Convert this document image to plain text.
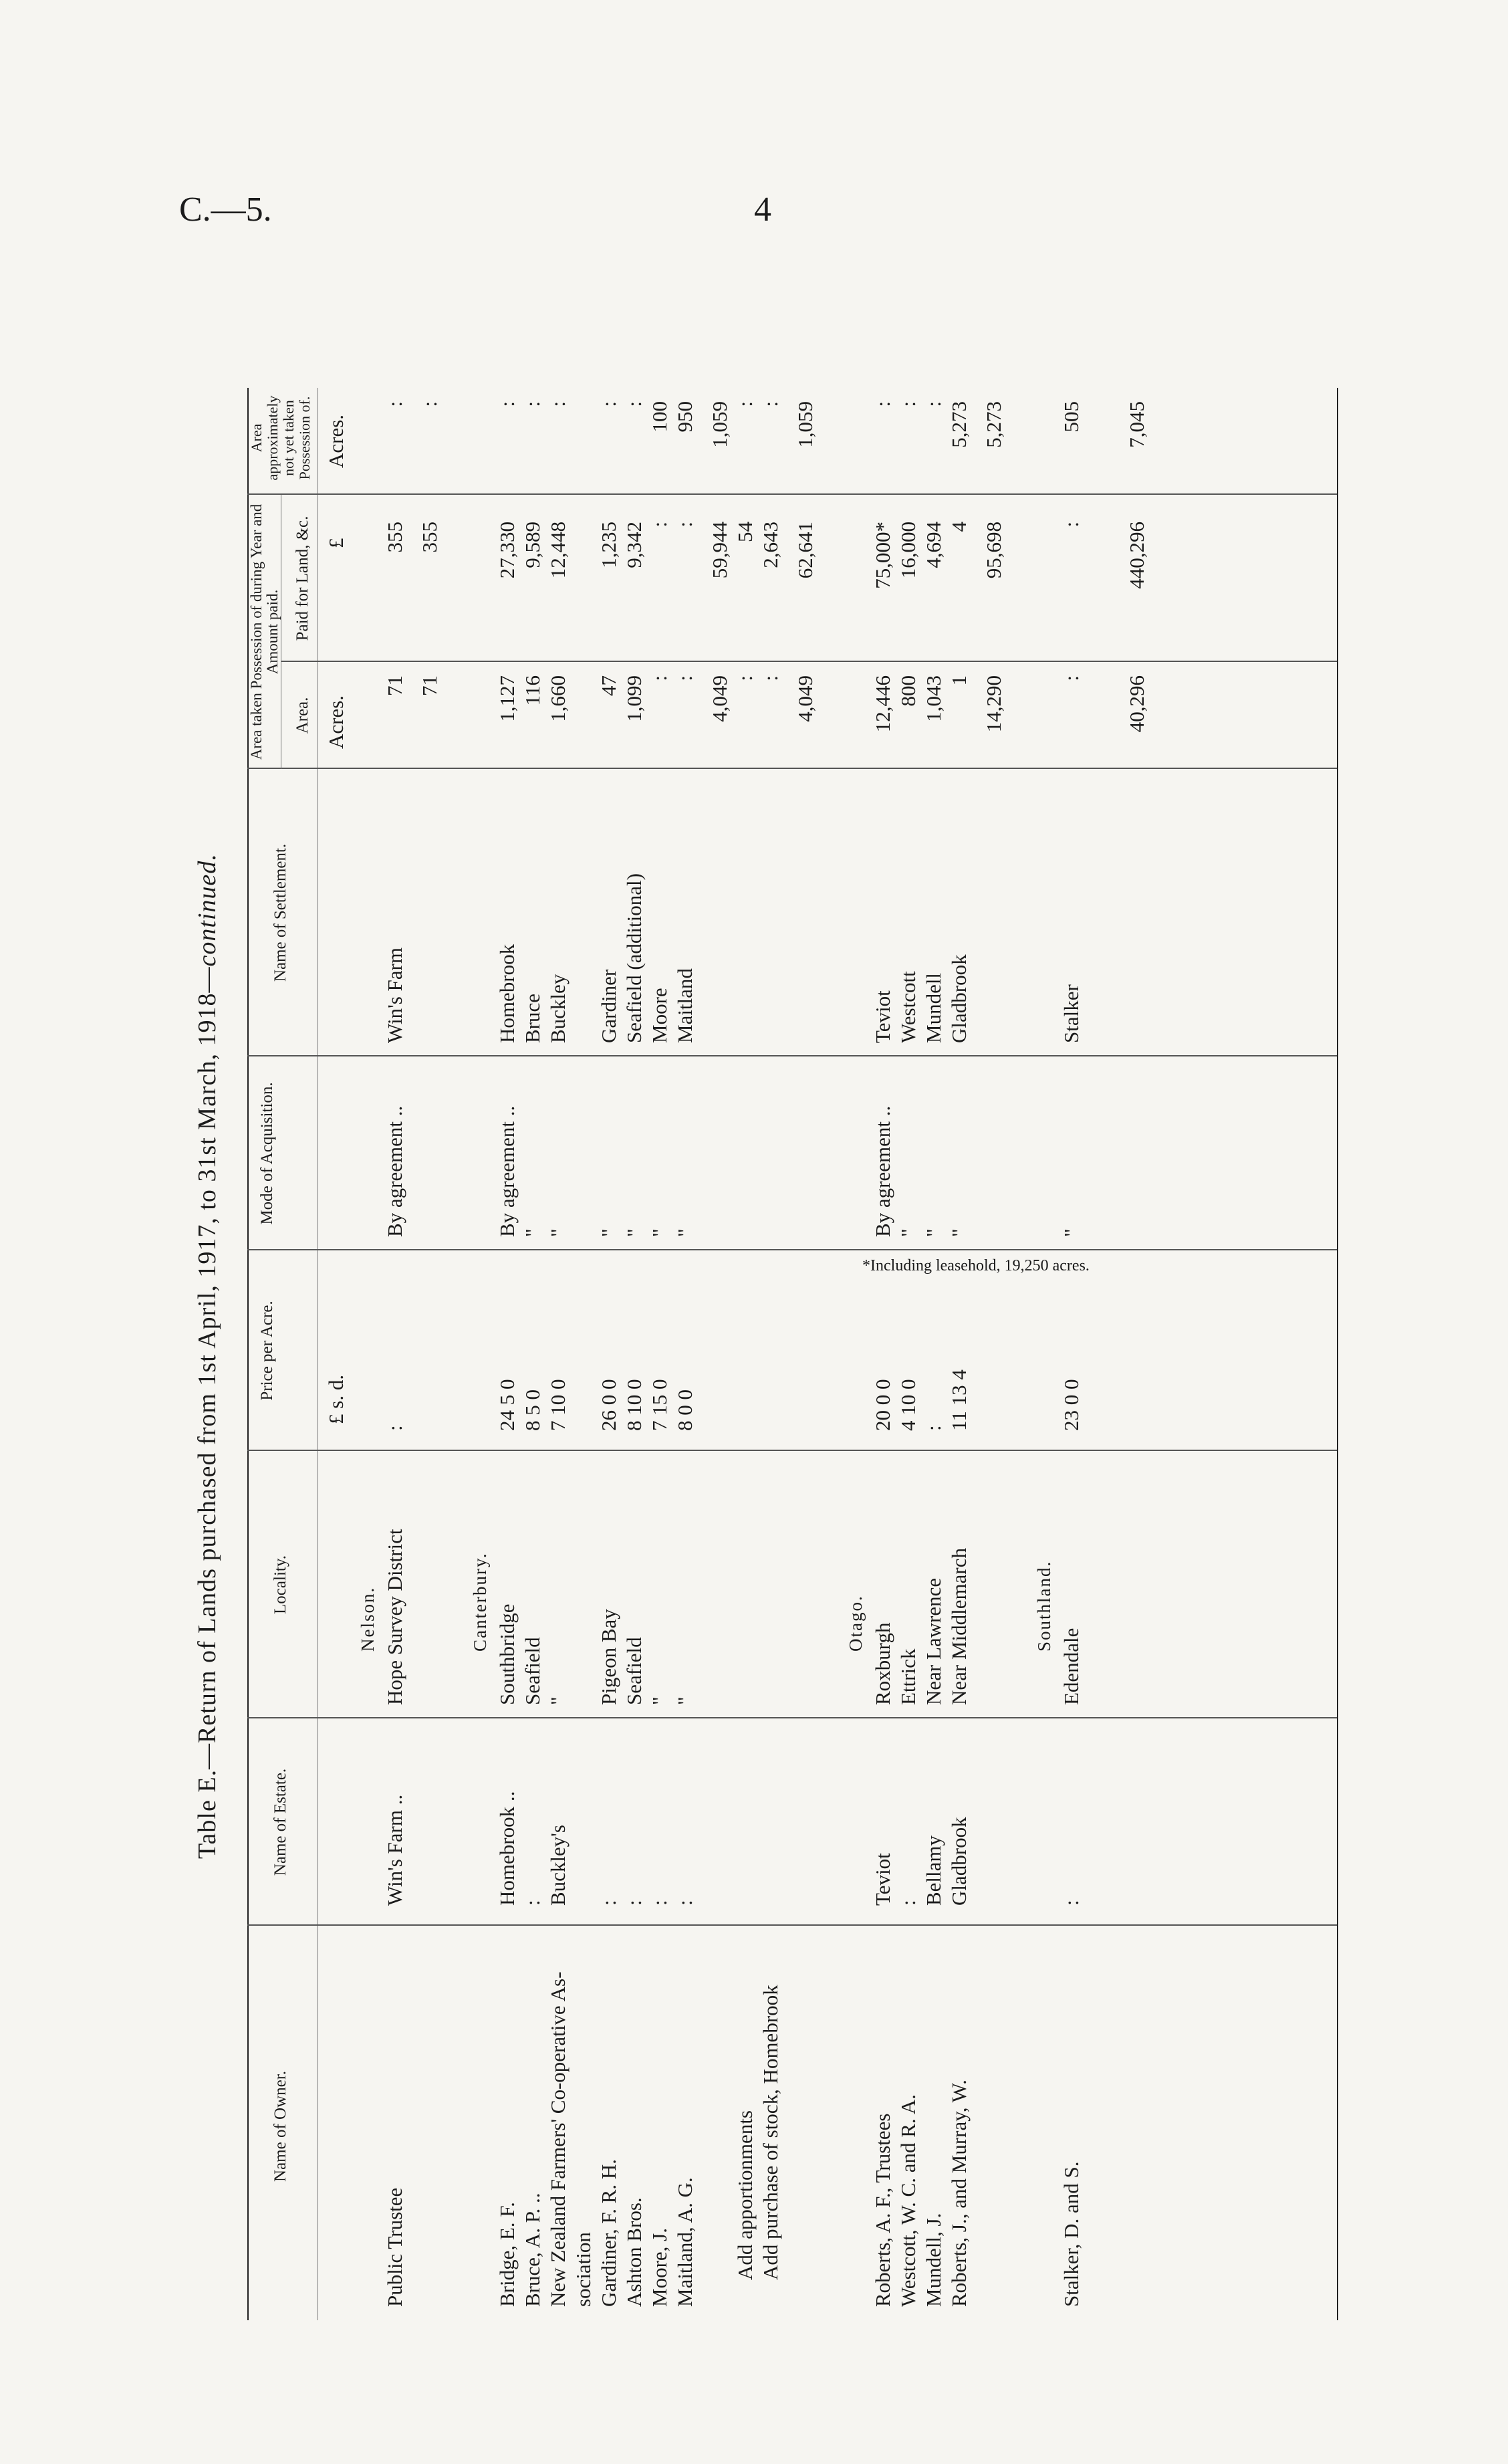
C.—5.	4
Table E.—Return of Lands purchased from 1st April, 1917, to 31st March, 1918—continued.
Name of Owner.
Name of Estate.
Locality.
Price per Acre.
Mode of Acquisition.
Name of Settlement.
Area taken Possession of during Year and Amount paid.
Area.
Paid for Land, &c.
Area approximately not yet taken Possession of.
£ s. d.
Acres.
£
Acres.
Nelson.
Public Trustee
Win's Farm ..
Hope Survey District
:
By agreement ..
Win's Farm
71
355
:
71
355
:
Canterbury.
Bridge, E. F.
Homebrook ..
Southbridge
24 5 0
By agreement ..
Homebrook
1,127
27,330
:
Bruce, A. P. ..
:
Seafield
8 5 0
"
Bruce
116
9,589
:
New Zealand Farmers' Co-operative As-
Buckley's
"
7 10 0
"
Buckley
1,660
12,448
:
sociation Gardiner, F. R. H.
:
Pigeon Bay
26 0 0
"
Gardiner
47
1,235
:
Ashton Bros.
:
Seafield
8 10 0
"
Seafield (additional)
1,099
9,342
:
Moore, J.
:
"
7 15 0
"
Moore
:
:
100
Maitland, A. G.
:
"
8 0 0
"
Maitland
:
:
950
4,049
59,944
1,059
Add apportionments
:
54
:
Add purchase of stock, Homebrook
:
2,643
:
4,049
62,641
1,059
Otago.
Roberts, A. F., Trustees
Teviot
Roxburgh
20 0 0
By agreement ..
Teviot
12,446
75,000*
:
Westcott, W. C. and R. A.
:
Ettrick
4 10 0
"
Westcott
800
16,000
:
Mundell, J.
Bellamy
Near Lawrence
:
"
Mundell
1,043
4,694
:
Roberts, J., and Murray, W.
Gladbrook
Near Middlemarch
11 13 4
"
Gladbrook
1
4
5,273
14,290
95,698
5,273
Southland.
Stalker, D. and S.
:
Edendale
23 0 0
"
Stalker
:
:
505
40,296
440,296
7,045
*Including leasehold, 19,250 acres.
